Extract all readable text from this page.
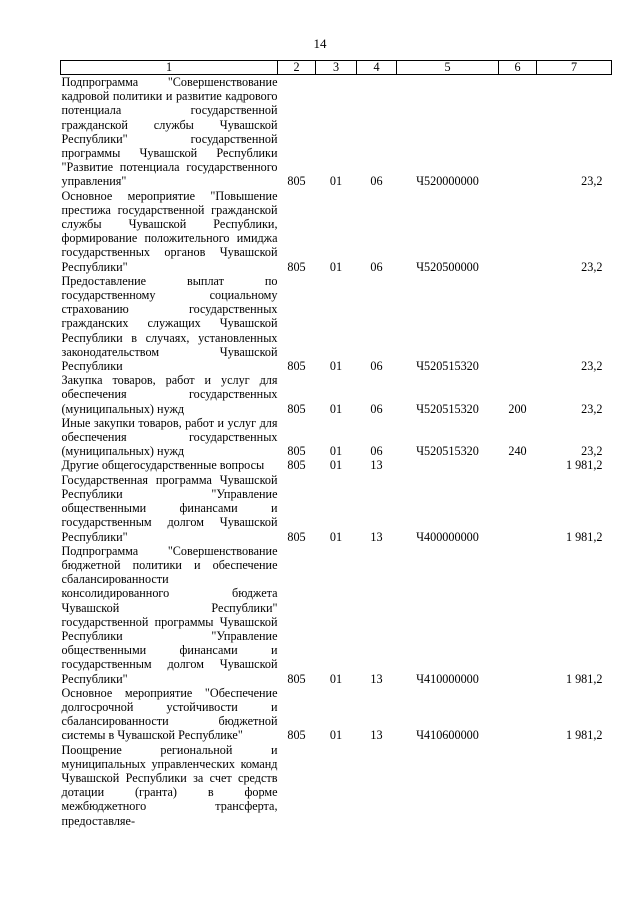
14
1	2	3	4	5	6	7
Подпрограмма "Совершенствование кадровой политики и развитие кадрового потенциала государственной гражданской службы Чувашской Республики" государственной программы Чувашской Республики "Развитие потенциала государственного управления"	805	01	06	Ч520000000		23,2
Основное мероприятие "Повышение престижа государственной гражданской службы Чувашской Республики, формирование положительного имиджа государственных органов Чувашской Республики"	805	01	06	Ч520500000		23,2
Предоставление выплат по государственному социальному страхованию государственных гражданских служащих Чувашской Республики в случаях, установленных законодательством Чувашской Республики	805	01	06	Ч520515320		23,2
Закупка товаров, работ и услуг для обеспечения государственных (муниципальных) нужд	805	01	06	Ч520515320	200	23,2
Иные закупки товаров, работ и услуг для обеспечения государственных (муниципальных) нужд	805	01	06	Ч520515320	240	23,2
Другие общегосударственные вопросы	805	01	13			1 981,2
Государственная программа Чувашской Республики "Управление общественными финансами и государственным долгом Чувашской Республики"	805	01	13	Ч400000000		1 981,2
Подпрограмма "Совершенствование бюджетной политики и обеспечение сбалансированности консолидированного бюджета Чувашской Республики" государственной программы Чувашской Республики "Управление общественными финансами и государственным долгом Чувашской Республики"	805	01	13	Ч410000000		1 981,2
Основное мероприятие "Обеспечение долгосрочной устойчивости и сбалансированности бюджетной системы в Чувашской Республике"	805	01	13	Ч410600000		1 981,2
Поощрение региональной и муниципальных управленческих команд Чувашской Республики за счет средств дотации (гранта) в форме межбюджетного трансферта, предоставляе-						
